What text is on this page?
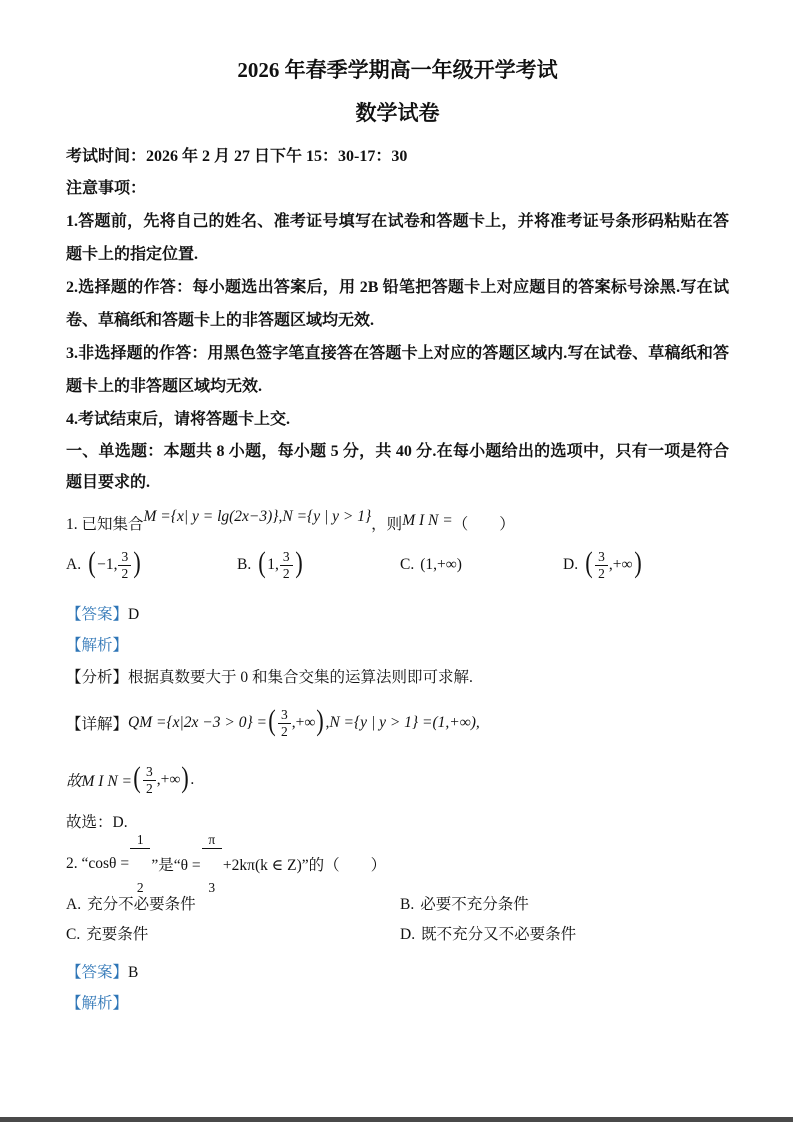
2026 年春季学期高一年级开学考试
数学试卷

考试时间：2026 年 2 月 27 日下午 15：30-17：30

注意事项：

1.答题前，先将自己的姓名、准考证号填写在试卷和答题卡上，并将准考证号条形码粘贴在答题卡上的指定位置.

2.选择题的作答：每小题选出答案后，用 2B 铅笔把答题卡上对应题目的答案标号涂黑.写在试卷、草稿纸和答题卡上的非答题区域均无效.

3.非选择题的作答：用黑色签字笔直接答在答题卡上对应的答题区域内.写在试卷、草稿纸和答题卡上的非答题区域均无效.

4.考试结束后，请将答题卡上交.

一、单选题：本题共 8 小题，每小题 5 分，共 40 分.在每小题给出的选项中，只有一项是符合题目要求的.

1. 已知集合 M ={x| y = lg(2x−3)},N ={y | y > 1} ，则 M I N = （　　）

A. ( −1, $\frac{3}{2}$ )	B. ( 1, $\frac{3}{2}$ )	C. (1,+∞)	D. ( $\frac{3}{2}$ ,+∞ )

【答案】D

【解析】

【分析】根据真数要大于 0 和集合交集的运算法则即可求解.

【详解】 QM ={x|2x −3 > 0} = ( $\frac{3}{2}$ ,+∞ ) ,N ={y | y > 1} =(1,+∞),
故M I N = ( $\frac{3}{2}$ ,+∞ ) .

故选：D.

2. “cosθ =

$\frac{1}{2}$

”是“θ =

$\frac{\pi}{3}$

+2kπ(k ∈ Z)”的（　　）
A. 充分不必要条件	B. 必要不充分条件
C. 充要条件	D. 既不充分又不必要条件

【答案】B

【解析】
